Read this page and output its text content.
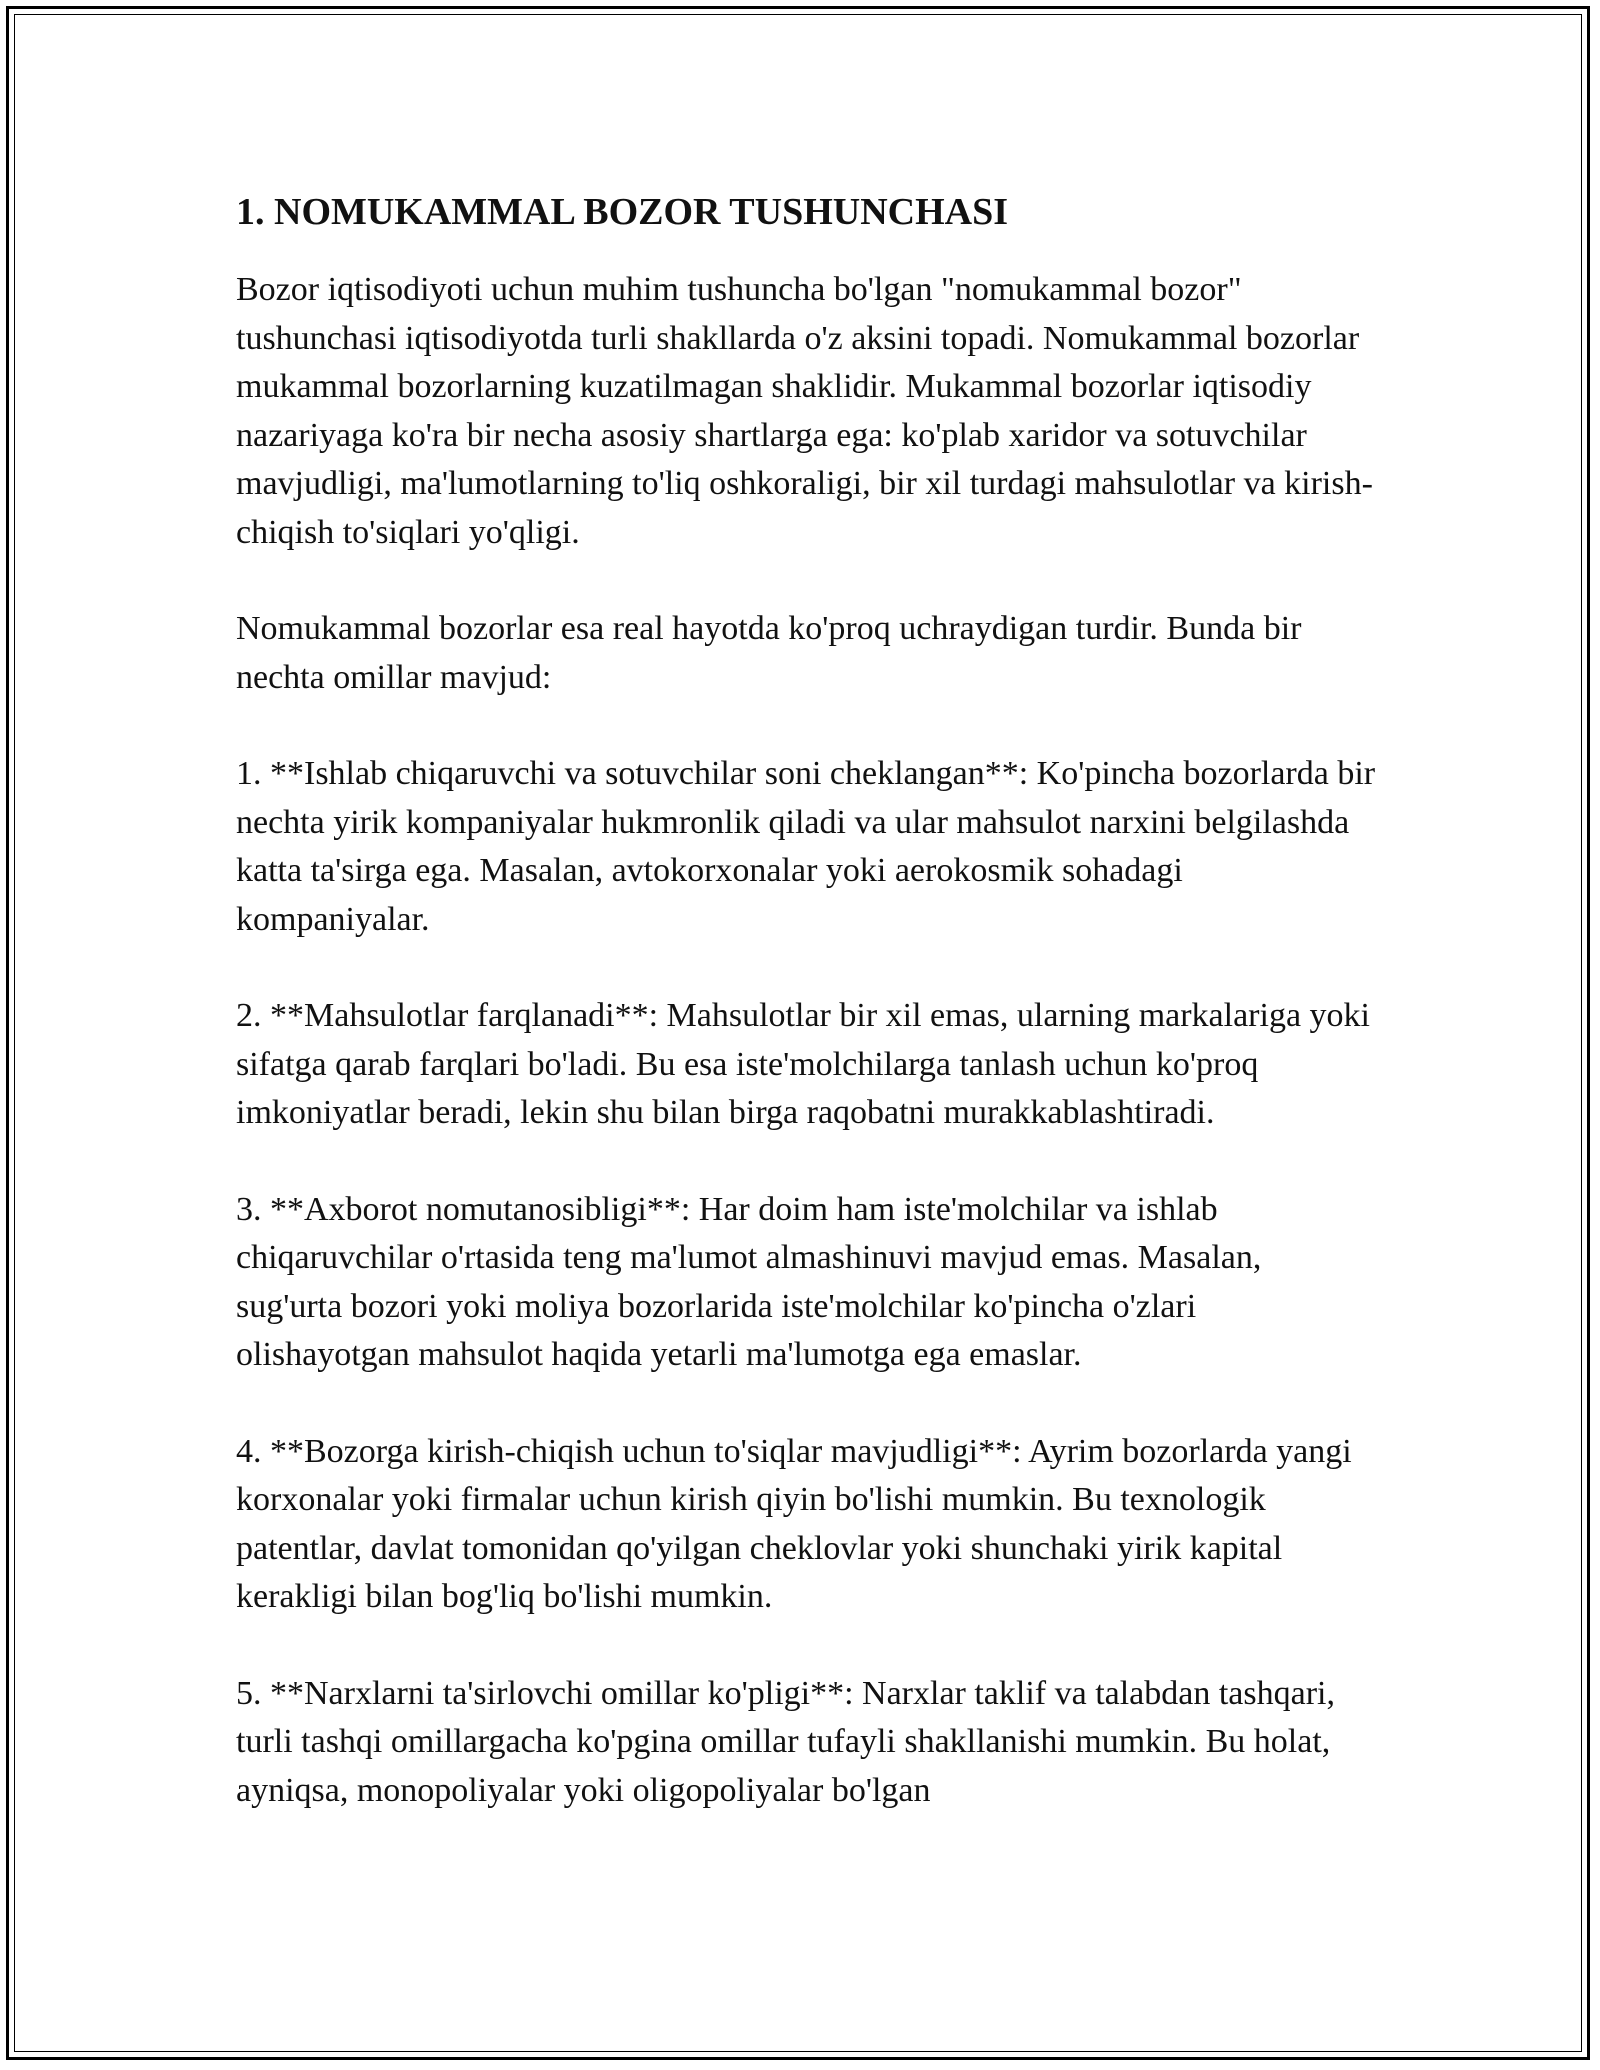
1. NOMUKAMMAL BOZOR TUSHUNCHASI

Bozor iqtisodiyoti uchun muhim tushuncha bo'lgan "nomukammal bozor" tushunchasi iqtisodiyotda turli shakllarda o'z aksini topadi. Nomukammal bozorlar mukammal bozorlarning kuzatilmagan shaklidir. Mukammal bozorlar iqtisodiy nazariyaga ko'ra bir necha asosiy shartlarga ega: ko'plab xaridor va sotuvchilar mavjudligi, ma'lumotlarning to'liq oshkoraligi, bir xil turdagi mahsulotlar va kirish-chiqish to'siqlari yo'qligi.

Nomukammal bozorlar esa real hayotda ko'proq uchraydigan turdir. Bunda bir nechta omillar mavjud:

1. **Ishlab chiqaruvchi va sotuvchilar soni cheklangan**: Ko'pincha bozorlarda bir nechta yirik kompaniyalar hukmronlik qiladi va ular mahsulot narxini belgilashda katta ta'sirga ega. Masalan, avtokorxonalar yoki aerokosmik sohadagi kompaniyalar.

2. **Mahsulotlar farqlanadi**: Mahsulotlar bir xil emas, ularning markalariga yoki sifatga qarab farqlari bo'ladi. Bu esa iste'molchilarga tanlash uchun ko'proq imkoniyatlar beradi, lekin shu bilan birga raqobatni murakkablashtiradi.

3. **Axborot nomutanosibligi**: Har doim ham iste'molchilar va ishlab chiqaruvchilar o'rtasida teng ma'lumot almashinuvi mavjud emas. Masalan, sug'urta bozori yoki moliya bozorlarida iste'molchilar ko'pincha o'zlari olishayotgan mahsulot haqida yetarli ma'lumotga ega emaslar.

4. **Bozorga kirish-chiqish uchun to'siqlar mavjudligi**: Ayrim bozorlarda yangi korxonalar yoki firmalar uchun kirish qiyin bo'lishi mumkin. Bu texnologik patentlar, davlat tomonidan qo'yilgan cheklovlar yoki shunchaki yirik kapital kerakligi bilan bog'liq bo'lishi mumkin.

5. **Narxlarni ta'sirlovchi omillar ko'pligi**: Narxlar taklif va talabdan tashqari, turli tashqi omillargacha ko'pgina omillar tufayli shakllanishi mumkin. Bu holat, ayniqsa, monopoliyalar yoki oligopoliyalar bo'lgan
